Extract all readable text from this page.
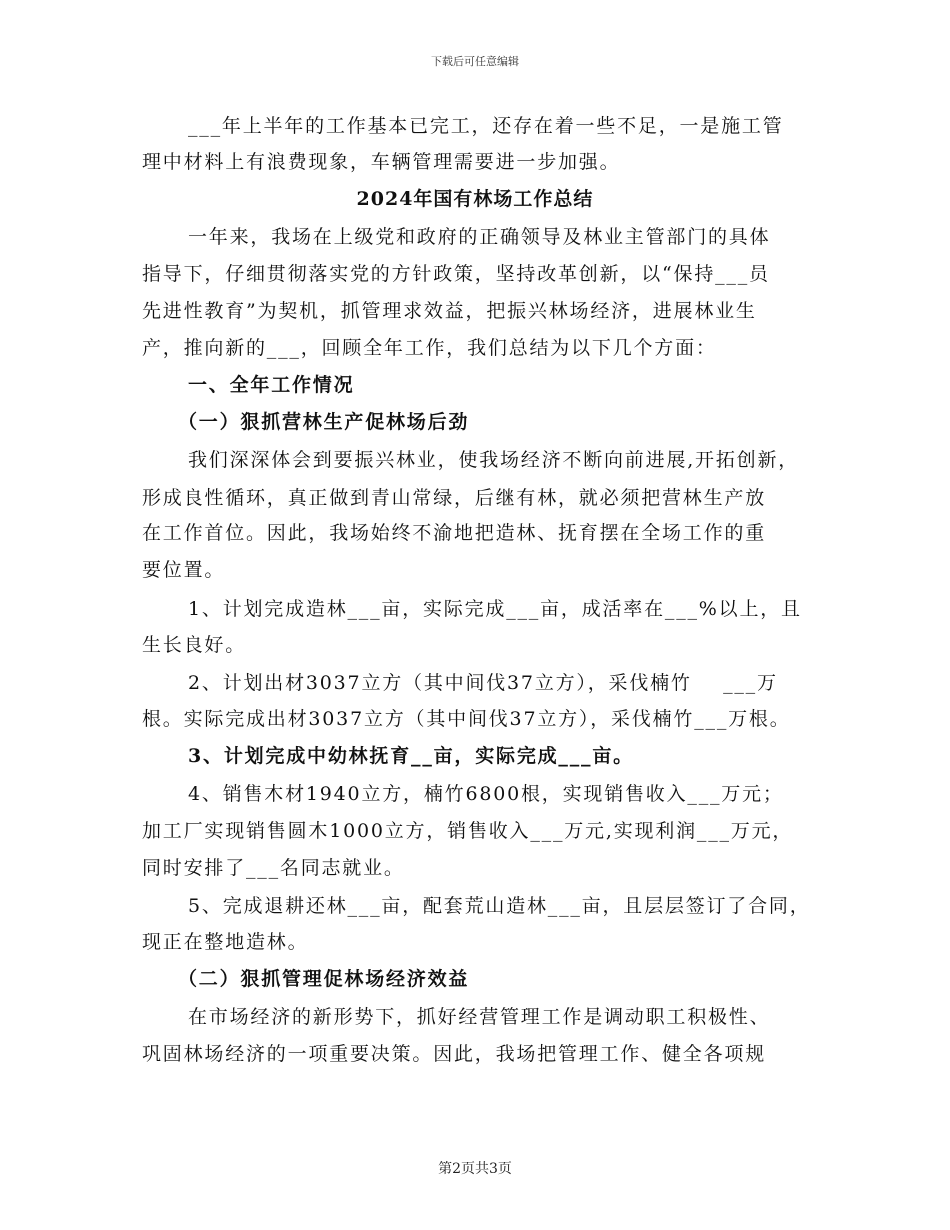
下载后可任意编辑
___年上半年的工作基本已完工，还存在着一些不足，一是施工管
理中材料上有浪费现象，车辆管理需要进一步加强。
2024年国有林场工作总结
一年来，我场在上级党和政府的正确领导及林业主管部门的具体
指导下，仔细贯彻落实党的方针政策，坚持改革创新，以“保持___员
先进性教育”为契机，抓管理求效益，把振兴林场经济，进展林业生
产，推向新的___，回顾全年工作，我们总结为以下几个方面：
一、全年工作情况
（一）狠抓营林生产促林场后劲
我们深深体会到要振兴林业，使我场经济不断向前进展,开拓创新，
形成良性循环，真正做到青山常绿，后继有林，就必须把营林生产放
在工作首位。因此，我场始终不渝地把造林、抚育摆在全场工作的重
要位置。
1、计划完成造林___亩，实际完成___亩，成活率在___%以上，且
生长良好。
2、计划出材3037立方（其中间伐37立方），采伐楠竹    ___万
根。实际完成出材3037立方（其中间伐37立方），采伐楠竹___万根。
3、计划完成中幼林抚育__亩，实际完成___亩。
4、销售木材1940立方，楠竹6800根，实现销售收入___万元；
加工厂实现销售圆木1000立方，销售收入___万元,实现利润___万元，
同时安排了___名同志就业。
5、完成退耕还林___亩，配套荒山造林___亩，且层层签订了合同，
现正在整地造林。
（二）狠抓管理促林场经济效益
在市场经济的新形势下，抓好经营管理工作是调动职工积极性、
巩固林场经济的一项重要决策。因此，我场把管理工作、健全各项规
第2页共3页
